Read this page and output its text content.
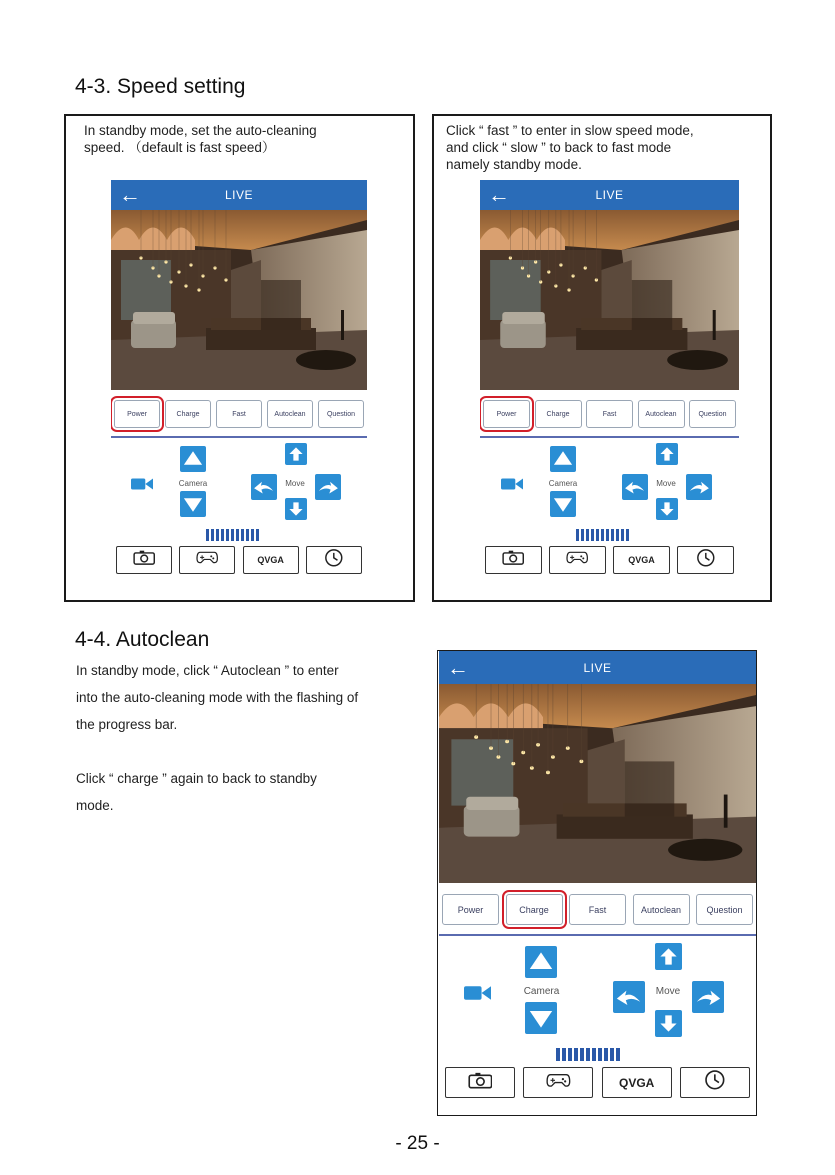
4-3. Speed setting
4-4. Autoclean
In standby mode, set the auto-cleaning
speed. （default is fast speed）
Click “ fast ” to enter in slow speed mode,
and click “ slow ” to back to fast mode
namely standby mode.
In standby mode, click “ Autoclean ” to enter
into the auto-cleaning mode with the flashing of
the progress bar.
Click “ charge ” again to back to standby
mode.
←	LIVE
Power	Charge	Fast	Autoclean	Question
Camera	Move
QVGA
←	LIVE
Power	Charge	Fast	Autoclean	Question
Camera	Move
QVGA
←	LIVE
Power	Charge	Fast	Autoclean	Question
Camera	Move
QVGA
- 25 -
